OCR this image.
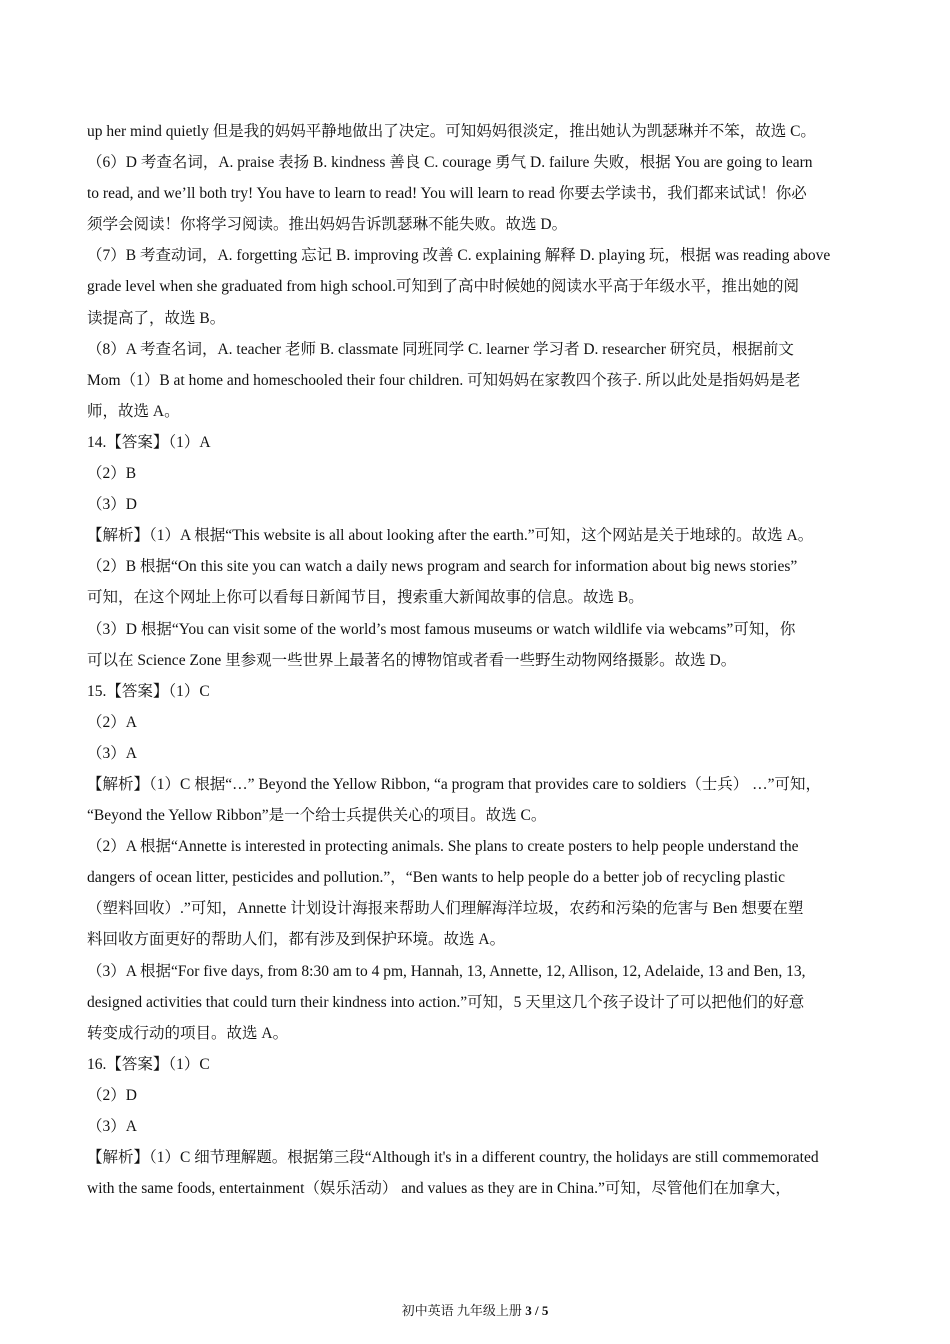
up her mind quietly 但是我的妈妈平静地做出了决定。可知妈妈很淡定，推出她认为凯瑟琳并不笨，故选 C。
（6）D 考查名词，A. praise 表扬 B. kindness 善良 C. courage 勇气 D. failure 失败，根据 You are going to learn
to read, and we’ll both try! You have to learn to read! You will learn to read 你要去学读书，我们都来试试！你必
须学会阅读！你将学习阅读。推出妈妈告诉凯瑟琳不能失败。故选 D。
（7）B 考查动词，A. forgetting 忘记 B. improving 改善 C. explaining 解释 D. playing 玩，根据 was reading above
grade level when she graduated from high school.可知到了高中时候她的阅读水平高于年级水平，推出她的阅
读提高了，故选 B。
（8）A 考查名词，A. teacher 老师 B. classmate 同班同学 C. learner 学习者 D. researcher 研究员，根据前文
Mom（1）B at home and homeschooled their four children. 可知妈妈在家教四个孩子. 所以此处是指妈妈是老
师，故选 A。
14.【答案】（1）A
（2）B
（3）D
【解析】（1）A 根据“This website is all about looking after the earth.”可知，这个网站是关于地球的。故选 A。
（2）B 根据“On this site you can watch a daily news program and search for information about big news stories”
可知，在这个网址上你可以看每日新闻节目，搜索重大新闻故事的信息。故选 B。
（3）D 根据“You can visit some of the world’s most famous museums or watch wildlife via webcams”可知，你
可以在 Science Zone 里参观一些世界上最著名的博物馆或者看一些野生动物网络摄影。故选 D。
15.【答案】（1）C
（2）A
（3）A
【解析】（1）C 根据“…” Beyond the Yellow Ribbon, “a program that provides care to soldiers（士兵） …”可知，
“Beyond the Yellow Ribbon”是一个给士兵提供关心的项目。故选 C。
（2）A 根据“Annette is interested in protecting animals. She plans to create posters to help people understand the
dangers of ocean litter, pesticides and pollution.”，“Ben wants to help people do a better job of recycling plastic
（塑料回收）.”可知，Annette 计划设计海报来帮助人们理解海洋垃圾，农药和污染的危害与 Ben 想要在塑
料回收方面更好的帮助人们，都有涉及到保护环境。故选 A。
（3）A 根据“For five days, from 8:30 am to 4 pm, Hannah, 13, Annette, 12, Allison, 12, Adelaide, 13 and Ben, 13,
designed activities that could turn their kindness into action.”可知，5 天里这几个孩子设计了可以把他们的好意
转变成行动的项目。故选 A。
16.【答案】（1）C
（2）D
（3）A
【解析】（1）C 细节理解题。根据第三段“Although it's in a different country, the holidays are still commemorated
with the same foods, entertainment（娱乐活动） and values as they are in China.”可知，尽管他们在加拿大，
初中英语 九年级上册 3 / 5
